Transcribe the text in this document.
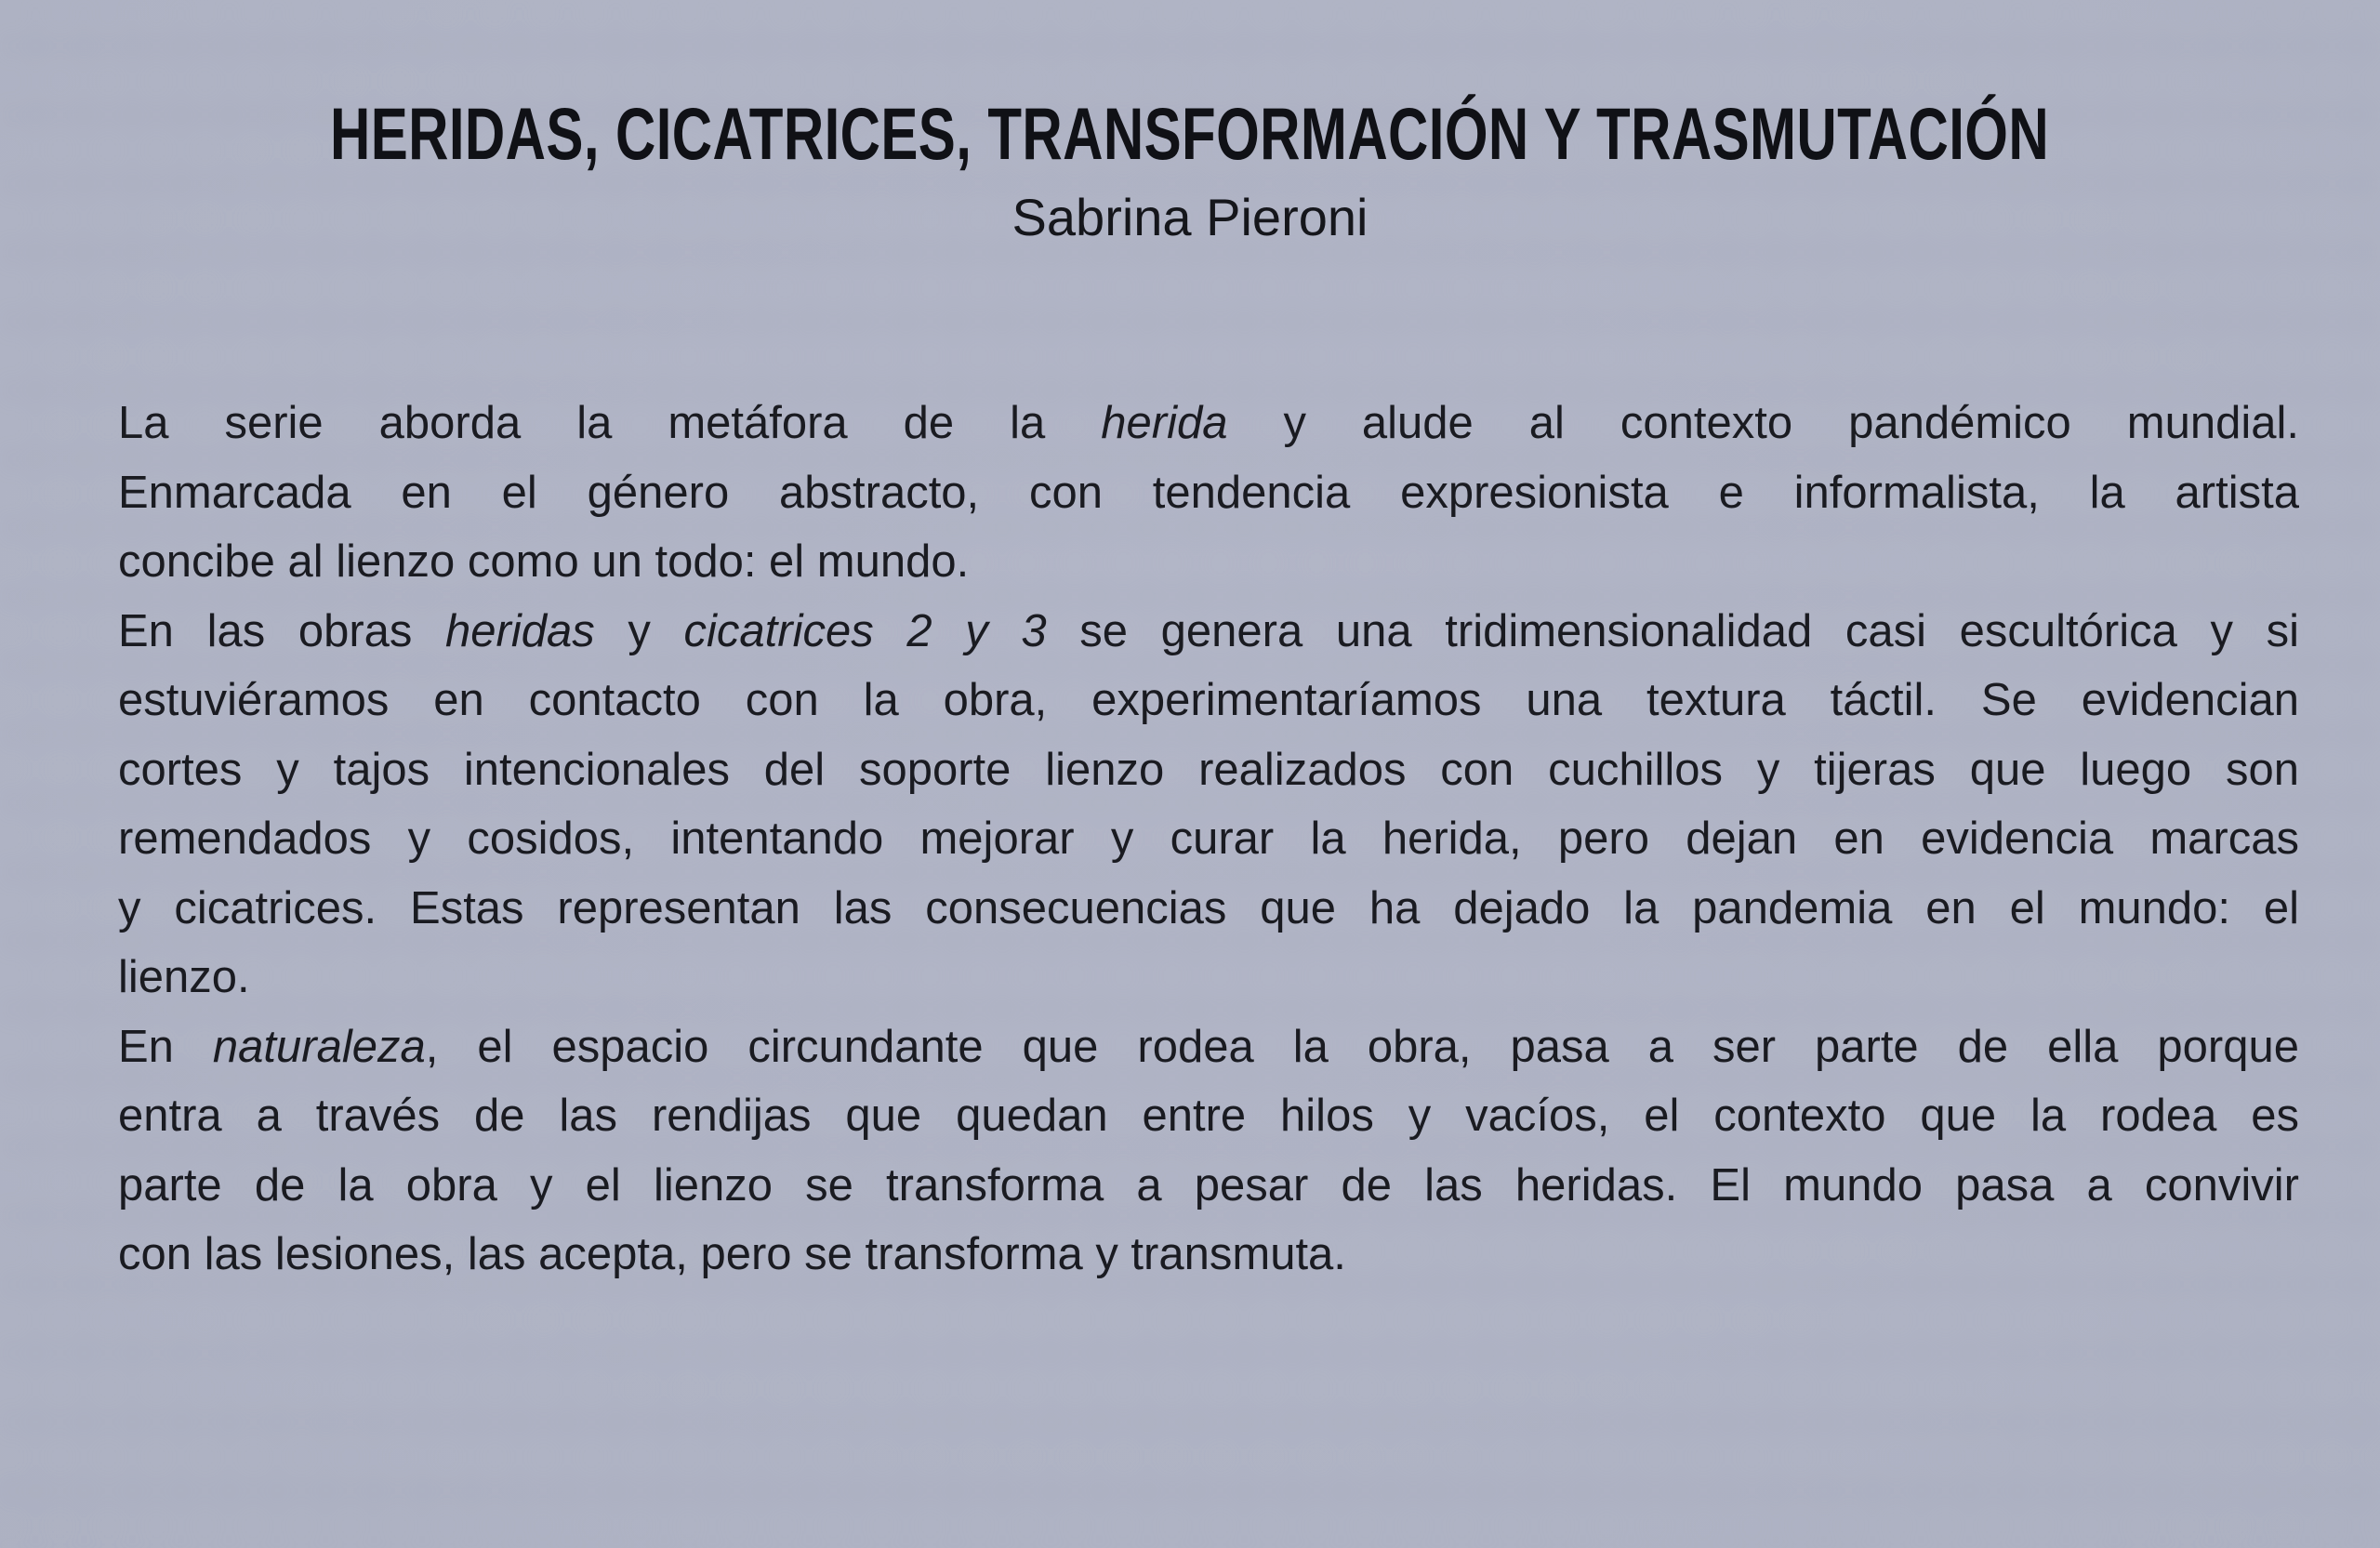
HERIDAS, CICATRICES, TRANSFORMACIÓN Y TRASMUTACIÓN
Sabrina Pieroni
La serie aborda la metáfora de la herida y alude al contexto pandémico mundial.
Enmarcada en el género abstracto, con tendencia expresionista e informalista, la artista
concibe al lienzo como un todo: el mundo.
En las obras heridas y cicatrices 2 y 3 se genera una tridimensionalidad casi escultórica y si
estuviéramos en contacto con la obra, experimentaríamos una textura táctil. Se evidencian
cortes y tajos intencionales del soporte lienzo realizados con cuchillos y tijeras que luego son
remendados y cosidos, intentando mejorar y curar la herida, pero dejan en evidencia marcas
y cicatrices. Estas representan las consecuencias que ha dejado la pandemia en el mundo: el
lienzo.
En naturaleza, el espacio circundante que rodea la obra, pasa a ser parte de ella porque
entra a través de las rendijas que quedan entre hilos y vacíos, el contexto que la rodea es
parte de la obra y el lienzo se transforma a pesar de las heridas. El mundo pasa a convivir
con las lesiones, las acepta, pero se transforma y transmuta.
